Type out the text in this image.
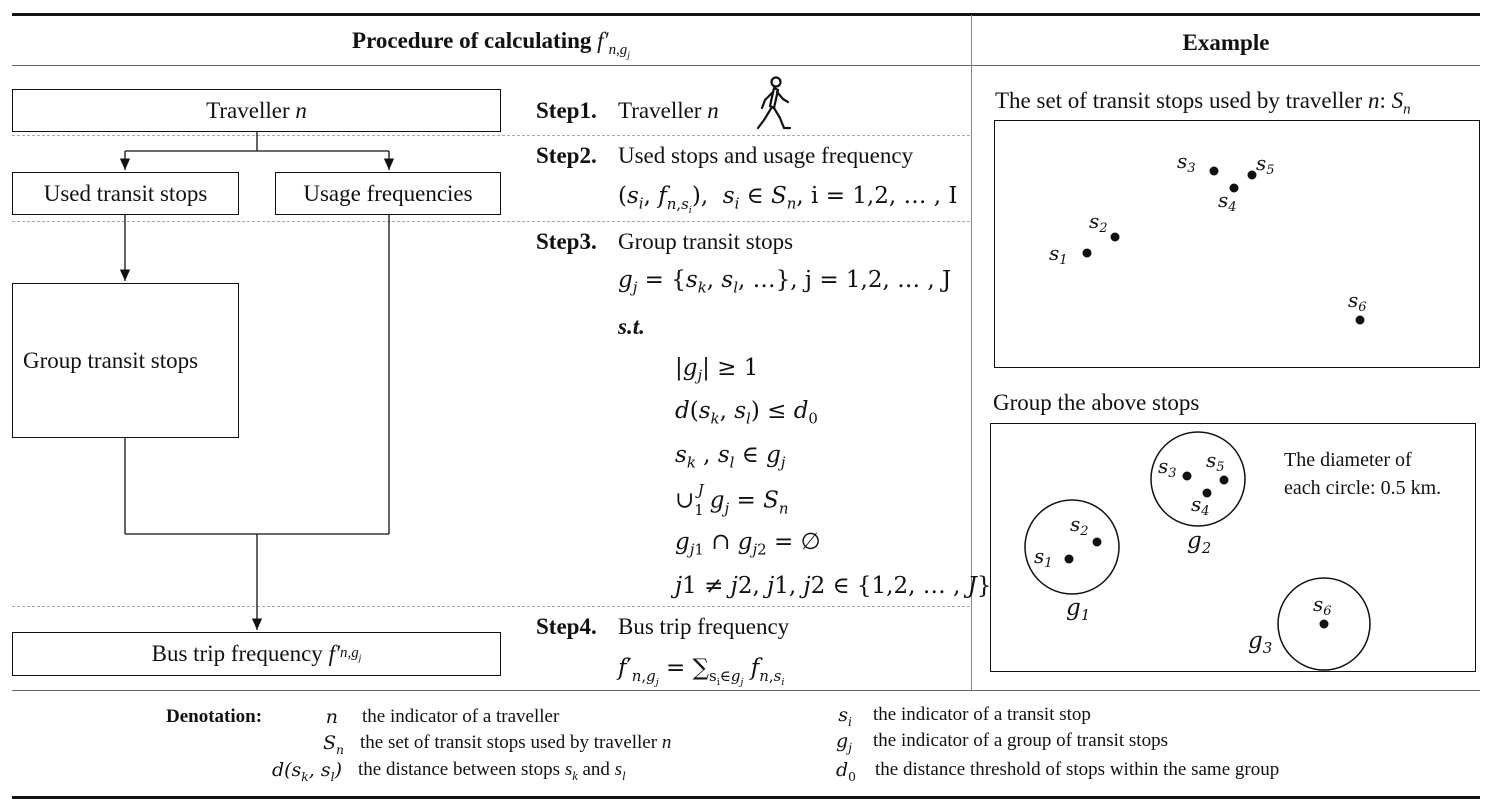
Procedure of calculating $f'_{n,g_j}$
Example
Traveller
n
Used transit stops	Usage frequencies
Group transit stops
Bus trip frequency
f′ $n,g_j$
Step1. Traveller n
Step2. Used stops and usage frequency
($s_i$, $f_{n,s_i}$),  $s_i$ ∈ $S_n$, i = 1,2, … , I
Step3. Group transit stops
$g_j = \{s_k$, $s_l$, …}, j = 1,2, … , J
s.t.
$|g_j| \ge 1$
$d(s_k$, $s_l) \le d_0$
$s_k$ , $s_l$ ∈ $g_j$
$\cup_1^J$ $g_j = S_n$
$g_{j1}$ ∩ $g_{j2}$ = ∅
j1 ≠ j2, j1, j2 ∈ {1,2, … , J}
Step4. Bus trip frequency
$f'_{n,g_j} = \sum_{s_i\in g_j}$ $f_{n,s_i}$
The set of transit stops used by traveller n: $S_n$
$s_1$
$s_2$
$s_3$
$s_4$
$s_5$
$s_6$
Group the above stops
$s_1$
$s_2$
$s_3$
$s_4$
$s_5$
$s_6$
$g_1$
$g_2$
$g_3$
The diameter of
each circle: 0.5 km.
Denotation:	n the indicator of a traveller
$S_n$ the set of transit stops used by traveller n
$d(s_k$, $s_l$) the distance between stops $s_k$ and $s_l$
$s_i$ the indicator of a transit stop
$g_j$ the indicator of a group of transit stops
$d_0$ the distance threshold of stops within the same group
